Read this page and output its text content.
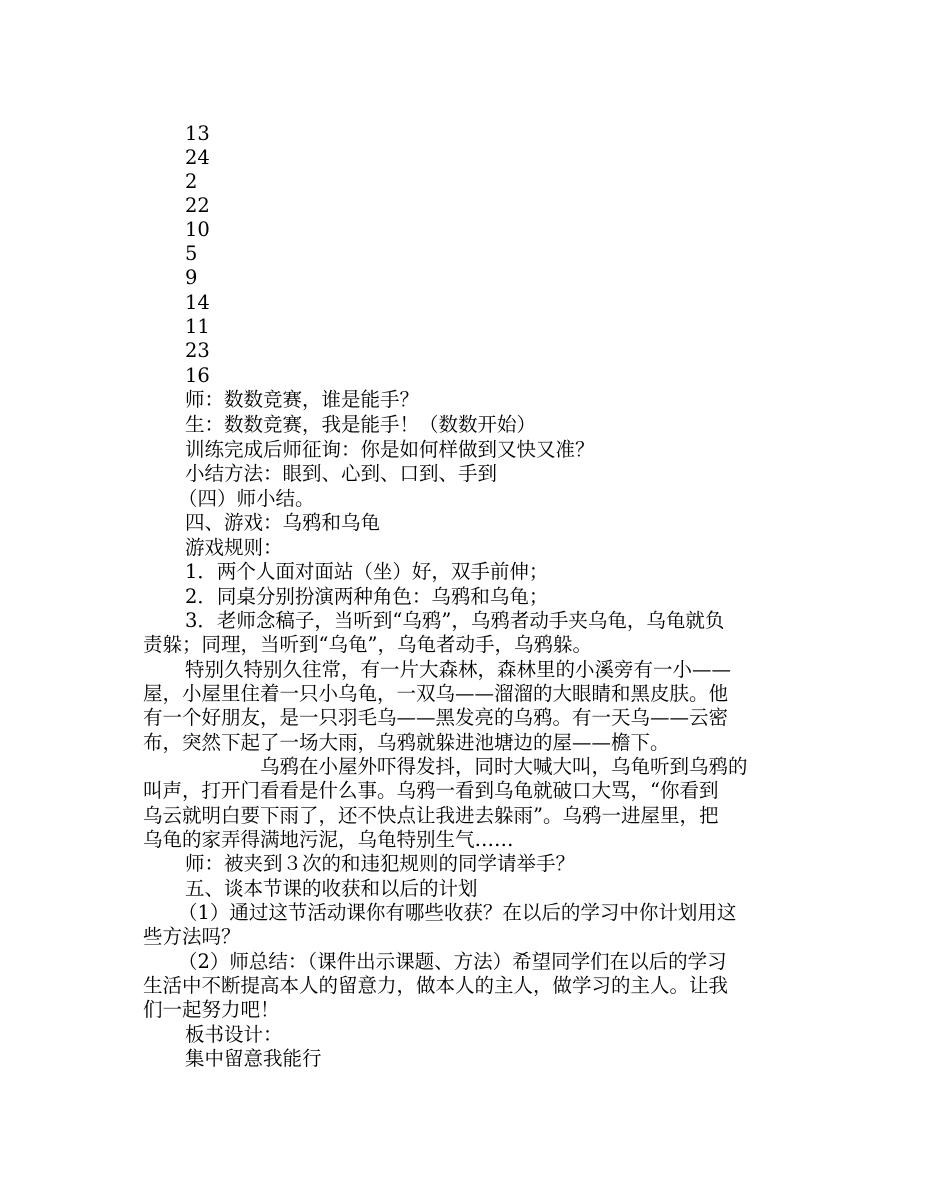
13
24
2
22
10
5
9
14
11
23
16
师：数数竞赛，谁是能手？
生：数数竞赛，我是能手！（数数开始）
训练完成后师征询：你是如何样做到又快又准？
小结方法：眼到、心到、口到、手到
（四）师小结。
四、游戏：乌鸦和乌龟
游戏规则：
1．两个人面对面站（坐）好，双手前伸；
2．同桌分别扮演两种角色：乌鸦和乌龟；
3．老师念稿子，当听到“乌鸦”，乌鸦者动手夹乌龟，乌龟就负
责躲；同理，当听到“乌龟”，乌龟者动手，乌鸦躲。
特别久特别久往常，有一片大森林，森林里的小溪旁有一小——
屋，小屋里住着一只小乌龟，一双乌——溜溜的大眼睛和黑皮肤。他
有一个好朋友，是一只羽毛乌——黑发亮的乌鸦。有一天乌——云密
布，突然下起了一场大雨，乌鸦就躲进池塘边的屋——檐下。
乌鸦在小屋外吓得发抖，同时大喊大叫，乌龟听到乌鸦的
叫声，打开门看看是什么事。乌鸦一看到乌龟就破口大骂，“你看到
乌云就明白要下雨了，还不快点让我进去躲雨”。乌鸦一进屋里，把
乌龟的家弄得满地污泥，乌龟特别生气……
师：被夹到３次的和违犯规则的同学请举手？
五、谈本节课的收获和以后的计划
（1）通过这节活动课你有哪些收获？在以后的学习中你计划用这
些方法吗？
（2）师总结：（课件出示课题、方法）希望同学们在以后的学习
生活中不断提高本人的留意力，做本人的主人，做学习的主人。让我
们一起努力吧！
板书设计：
集中留意我能行
